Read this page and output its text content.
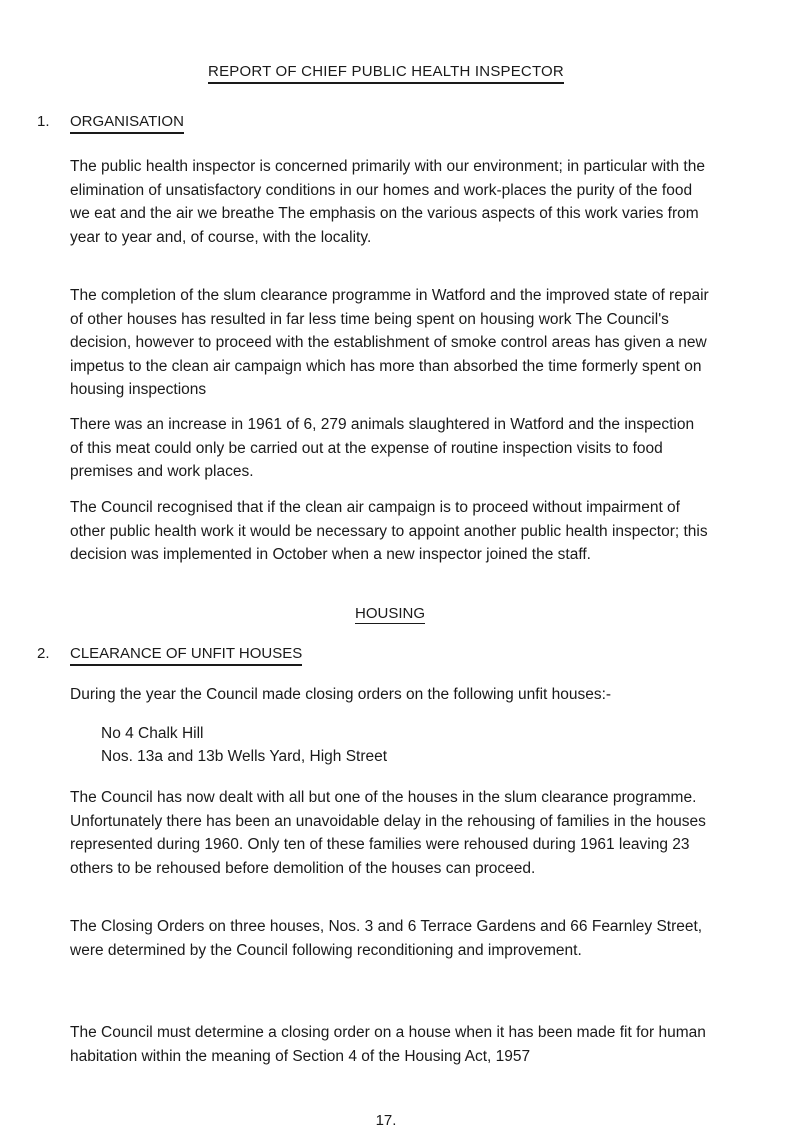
REPORT OF CHIEF PUBLIC HEALTH INSPECTOR
1. ORGANISATION

The public health inspector is concerned primarily with our environment; in particular with the elimination of unsatisfactory conditions in our homes and work-places the purity of the food we eat and the air we breathe The emphasis on the various aspects of this work varies from year to year and, of course, with the locality.

The completion of the slum clearance programme in Watford and the improved state of repair of other houses has resulted in far less time being spent on housing work The Council's decision, however to proceed with the establishment of smoke control areas has given a new impetus to the clean air campaign which has more than absorbed the time formerly spent on housing inspections

There was an increase in 1961 of 6, 279 animals slaughtered in Watford and the inspection of this meat could only be carried out at the expense of routine inspection visits to food premises and work places.

The Council recognised that if the clean air campaign is to proceed without impairment of other public health work it would be necessary to appoint another public health inspector; this decision was implemented in October when a new inspector joined the staff.

HOUSING
2. CLEARANCE OF UNFIT HOUSES
During the year the Council made closing orders on the following unfit houses:-
No 4 Chalk Hill
Nos. 13a and 13b Wells Yard, High Street

The Council has now dealt with all but one of the houses in the slum clearance programme. Unfortunately there has been an unavoidable delay in the rehousing of families in the houses represented during 1960. Only ten of these families were rehoused during 1961 leaving 23 others to be rehoused before demolition of the houses can proceed.

The Closing Orders on three houses, Nos. 3 and 6 Terrace Gardens and 66 Fearnley Street, were determined by the Council following reconditioning and improvement.

The Council must determine a closing order on a house when it has been made fit for human habitation within the meaning of Section 4 of the Housing Act, 1957

17.
